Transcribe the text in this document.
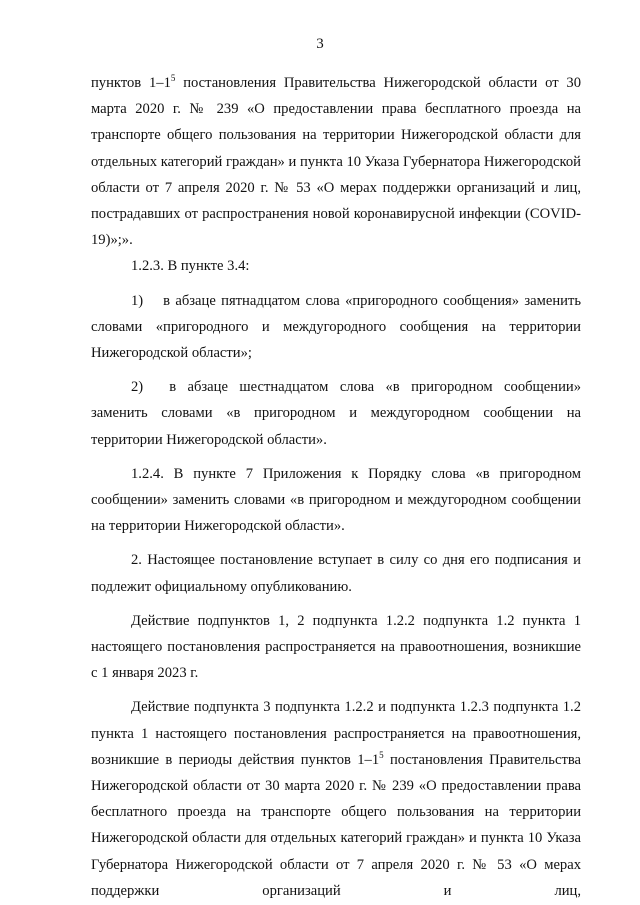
3

пунктов $1-1^5$ постановления Правительства Нижегородской области от 30 марта 2020 г. № 239 «О предоставлении права бесплатного проезда на транспорте общего пользования на территории Нижегородской области для отдельных категорий граждан» и пункта 10 Указа Губернатора Нижегородской области от 7 апреля 2020 г. № 53 «О мерах поддержки организаций и лиц, пострадавших от распространения новой коронавирусной инфекции (COVID-19)»;».

1.2.3. В пункте 3.4:

1)  в абзаце пятнадцатом слова «пригородного сообщения» заменить словами «пригородного и междугородного сообщения на территории Нижегородской области»;

2)  в абзаце шестнадцатом слова «в пригородном сообщении» заменить словами «в пригородном и междугородном сообщении на территории Нижегородской области».

1.2.4. В пункте 7 Приложения к Порядку слова «в пригородном сообщении» заменить словами «в пригородном и междугородном сообщении на территории Нижегородской области».

2. Настоящее постановление вступает в силу со дня его подписания и подлежит официальному опубликованию.

Действие подпунктов 1, 2 подпункта 1.2.2 подпункта 1.2 пункта 1 настоящего постановления распространяется на правоотношения, возникшие с 1 января 2023 г.

Действие подпункта 3 подпункта 1.2.2 и подпункта 1.2.3 подпункта 1.2 пункта 1 настоящего постановления распространяется на правоотношения, возникшие в периоды действия пунктов $1-1^5$ постановления Правительства Нижегородской области от 30 марта 2020 г. № 239 «О предоставлении права бесплатного проезда на транспорте общего пользования на территории Нижегородской области для отдельных категорий граждан» и пункта 10 Указа Губернатора Нижегородской области от 7 апреля 2020 г. № 53 «О мерах поддержки организаций и лиц,
